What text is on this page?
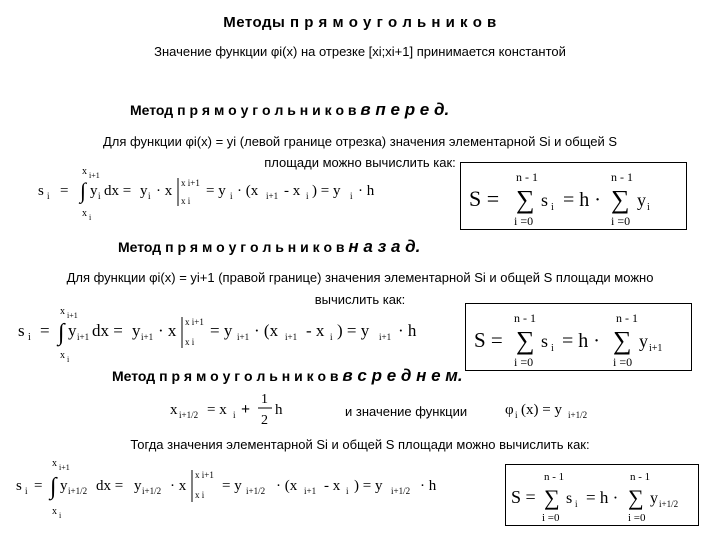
Методы п р я м о у г о л ь н и к о в
Значение функции φi(x) на отрезке [xi;xi+1] принимается константой
Метод п р я м о у г о л ь н и к о в в п е р е д.
Для функции φi(x) = yi (левой границе отрезка) значения элементарной Si и общей S
площади можно вычислить как:
x i+1
x i
s i = ∫ y i dx = y i · x x i+1
x i
= y i · (x i+1 - x i ) = y i · h
n - 1	n - 1
S = ∑ s i = h · ∑ y i
i =0	i =0
Метод п р я м о у г о л ь н и к о в н а з а д.
Для функции φi(x) = yi+1 (правой границе) значения элементарной Si и общей S площади можно
вычислить как:
x i+1
x i
s i = ∫ y i+1 dx = y i+1 · x x i+1
x i
= y i+1 · (x i+1 - x i ) = y i+1 · h
n - 1	n - 1
S = ∑ s i = h · ∑ y i+1
i =0	i =0
Метод п р я м о у г о л ь н и к о в в с р е д н е м.
x i+1/2 = x i +
1
2
h	и значение функции	φ i (x) = y i+1/2
Тогда значения элементарной Si и общей S площади можно вычислить как:
x i+1
x i
s i = ∫ y i+1/2 dx = y i+1/2 · x
x i+1
x i
= y i+1/2 · (x i+1 - x i ) = y i+1/2 · h
n - 1	n - 1
S = ∑ s i = h · ∑ y i+1/2
i =0	i =0
